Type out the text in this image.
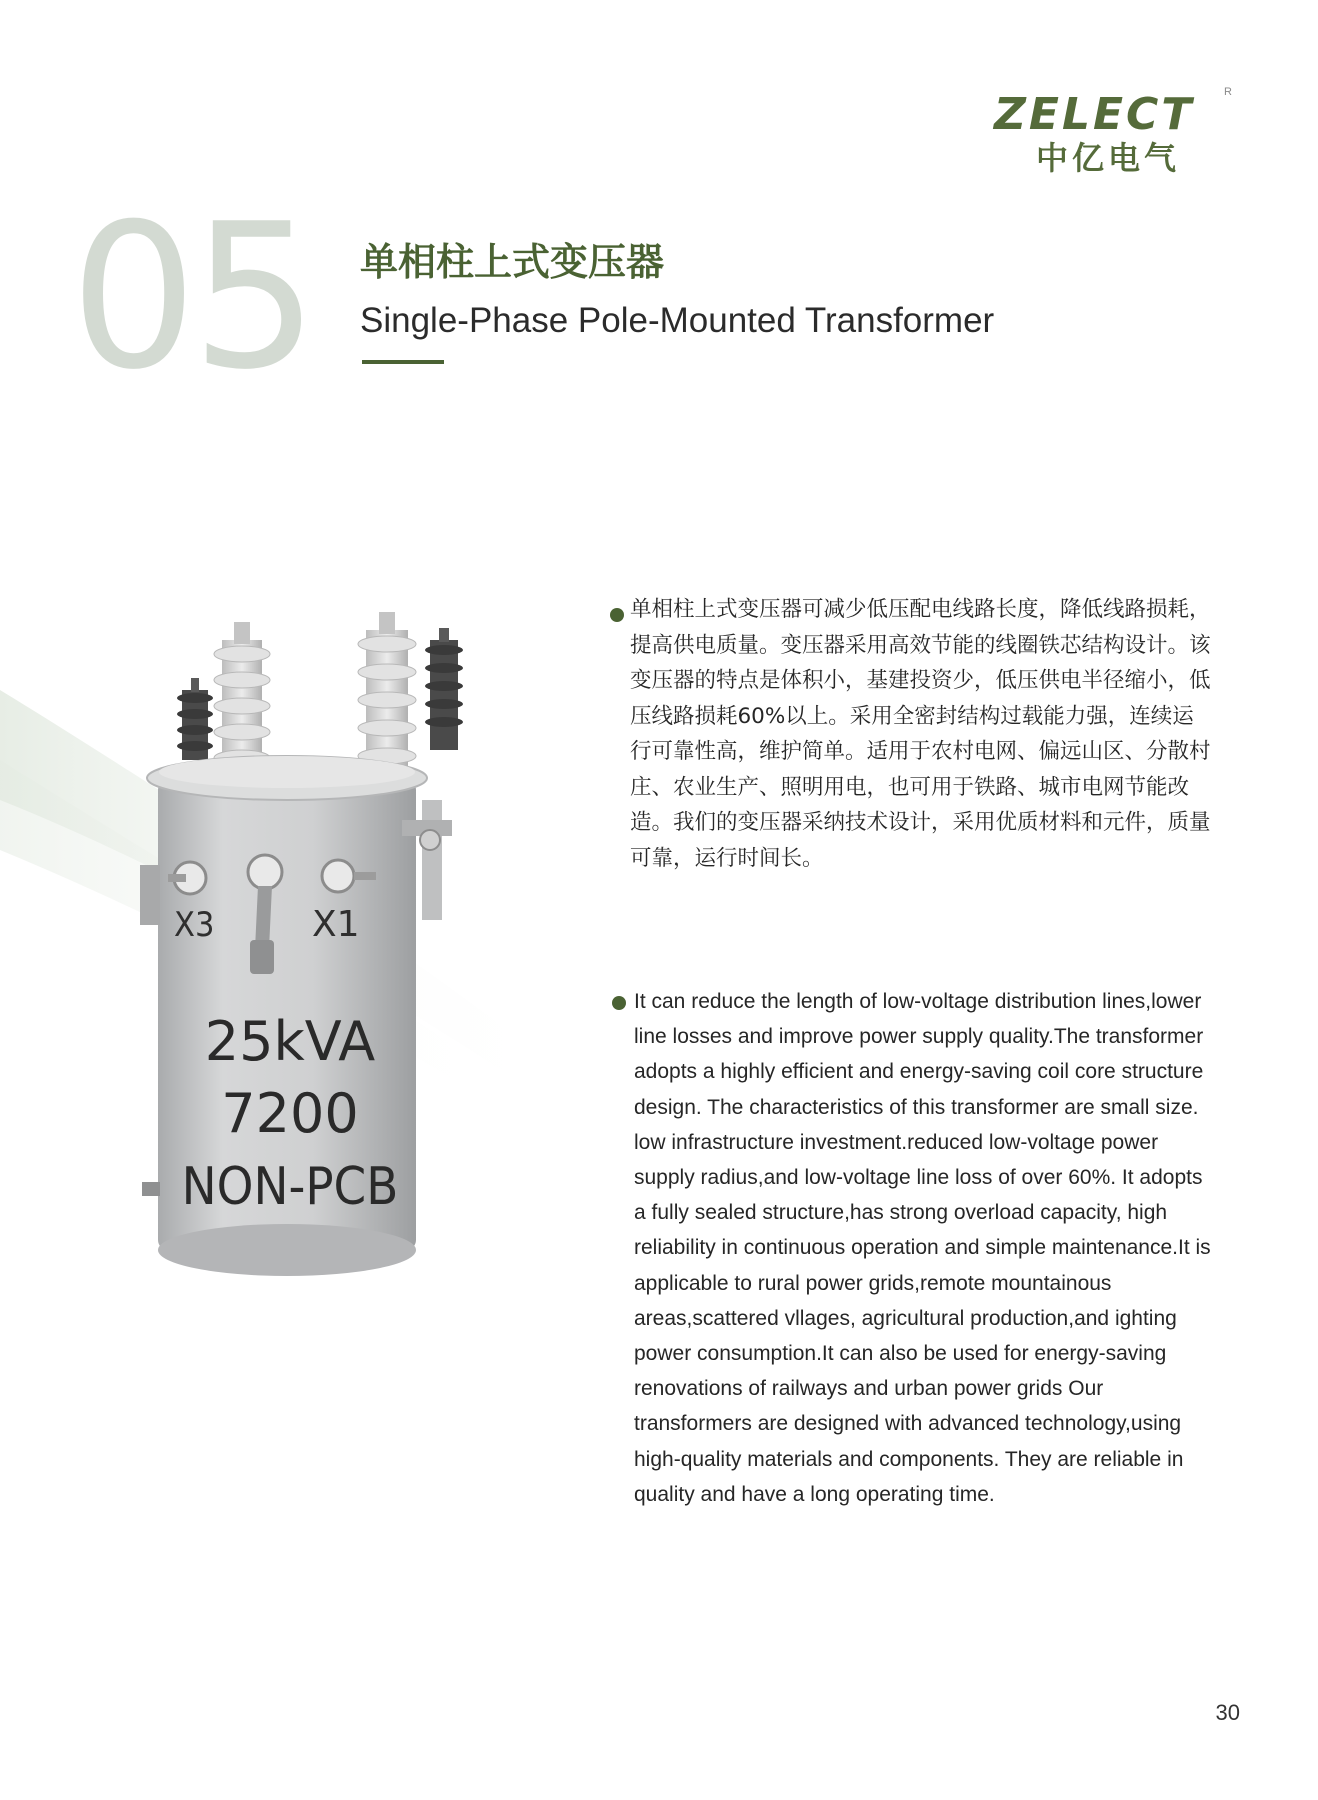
ZELECT
中亿电气
R
05 单相柱上式变压器
Single-Phase Pole-Mounted Transformer
X3	X1
25kVA
7200
NON-PCB
单相柱上式变压器可减少低压配电线路长度，降低线路损耗，提高供电质量。变压器采用高效节能的线圈铁芯结构设计。该变压器的特点是体积小，基建投资少，低压供电半径缩小，低压线路损耗60%以上。采用全密封结构过载能力强，连续运行可靠性高，维护简单。适用于农村电网、偏远山区、分散村庄、农业生产、照明用电，也可用于铁路、城市电网节能改造。我们的变压器采纳技术设计，采用优质材料和元件，质量可靠，运行时间长。
It can reduce the length of low-voltage distribution lines,lower line losses and improve power supply quality.The transformer adopts a highly efficient and energy-saving coil core structure design. The characteristics of this transformer are small size. low infrastructure investment.reduced low-voltage power supply radius,and low-voltage line loss of over 60%. It adopts a fully sealed structure,has strong overload capacity, high reliability in continuous operation and simple maintenance.It is applicable to rural power grids,remote mountainous areas,scattered vllages, agricultural production,and ighting power consumption.It can also be used for energy-saving renovations of railways and urban power grids Our transformers are designed with advanced technology,using high-quality materials and components. They are reliable in quality and have a long operating time.
30
